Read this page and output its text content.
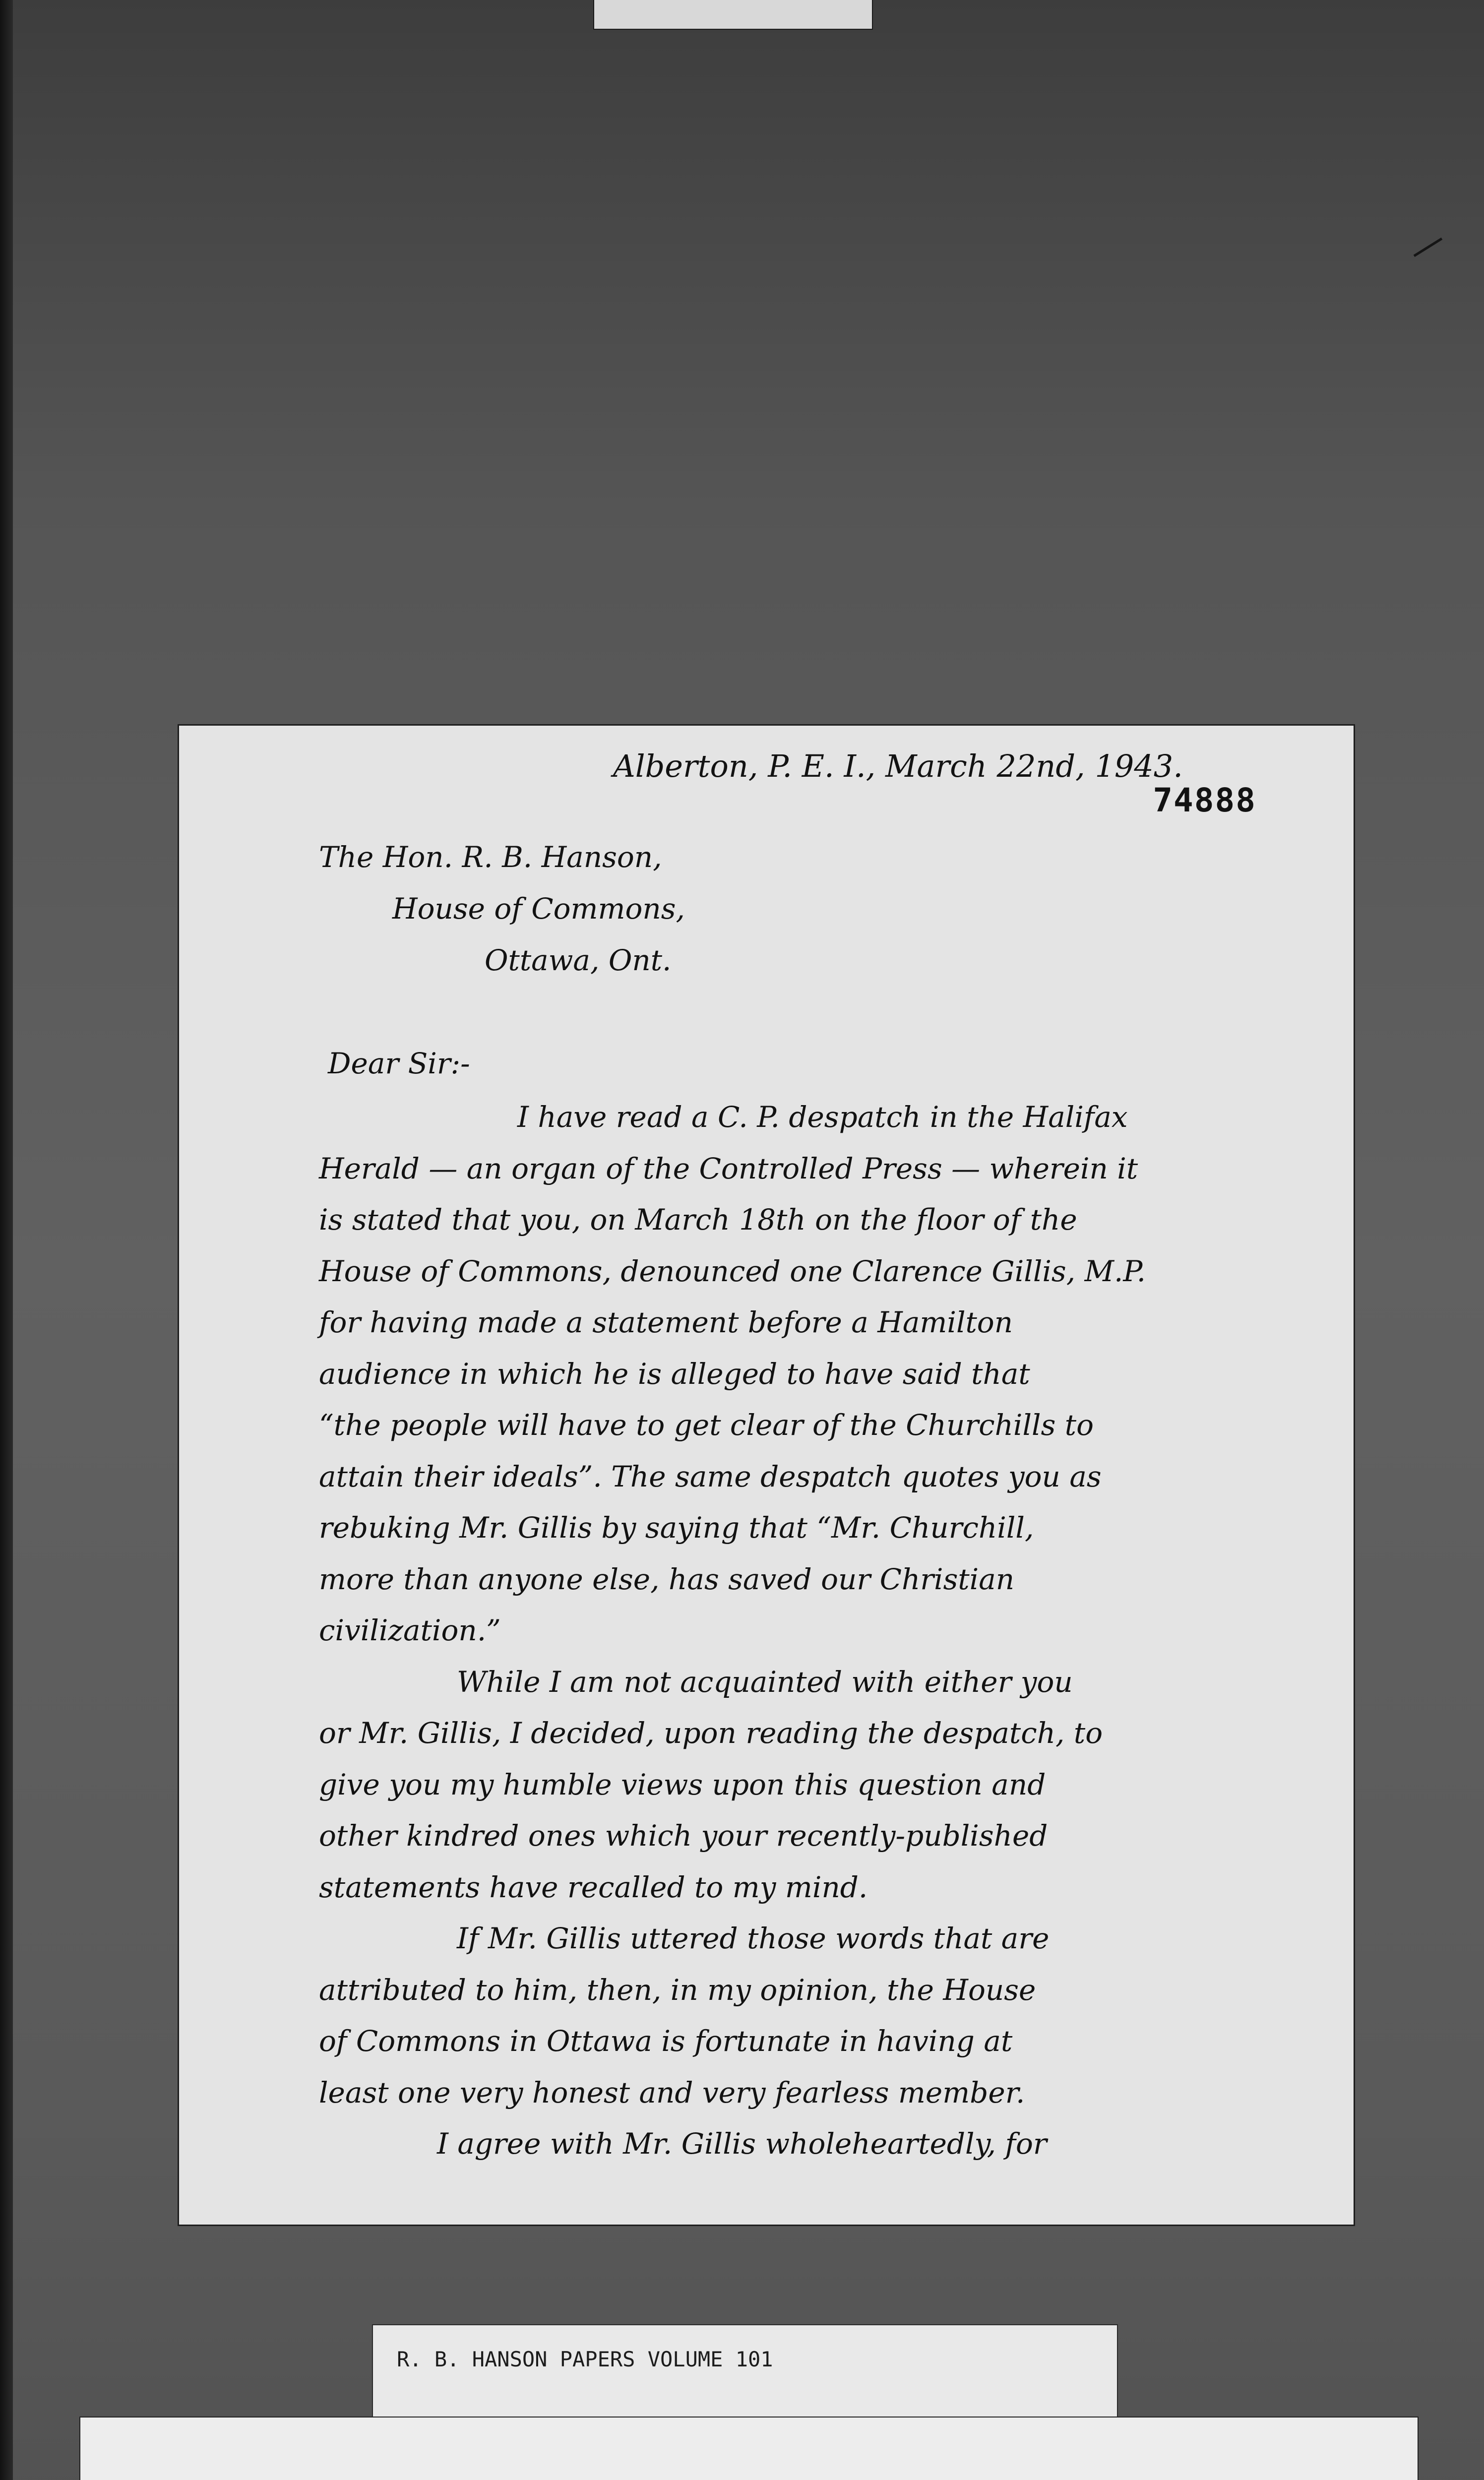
Alberton, P. E. I., March 22nd, 1943.

74888

The Hon. R. B. Hanson,

House of Commons,

Ottawa, Ont.

Dear Sir:-

I have read a C. P. despatch in the Halifax

Herald — an organ of the Controlled Press — wherein it

is stated that you, on March 18th on the floor of the

House of Commons, denounced one Clarence Gillis, M.P.

for having made a statement before a Hamilton

audience in which he is alleged to have said that

“the people will have to get clear of the Churchills to

attain their ideals”. The same despatch quotes you as

rebuking Mr. Gillis by saying that “Mr. Churchill,

more than anyone else, has saved our Christian

civilization.”

While I am not acquainted with either you

or Mr. Gillis, I decided, upon reading the despatch, to

give you my humble views upon this question and

other kindred ones which your recently-published

statements have recalled to my mind.

If Mr. Gillis uttered those words that are

attributed to him, then, in my opinion, the House

of Commons in Ottawa is fortunate in having at

least one very honest and very fearless member.

I agree with Mr. Gillis wholeheartedly, for

R. B. HANSON PAPERS VOLUME 101
